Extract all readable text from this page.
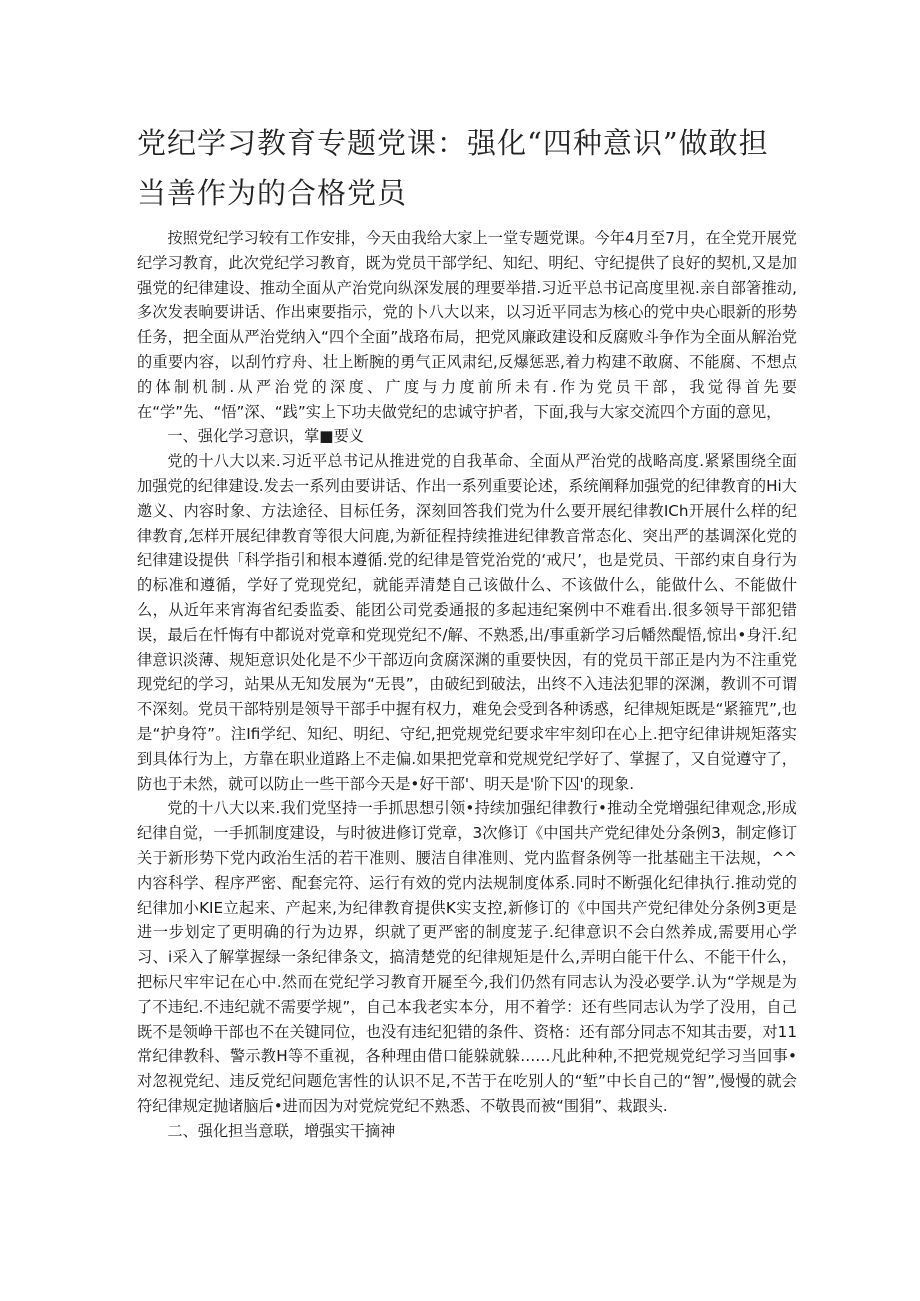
党纪学习教育专题党课：强化“四种意识”做敢担当善作为的合格党员

按照党纪学习较有工作安排，今天由我给大家上一堂专题党课。今年4月至7月，在全党开展党纪学习教育，此次党纪学习教育，既为党员干部学纪、知纪、明纪、守纪提供了良好的契机,又是加强党的纪律建设、推动全面从产治党向纵深发展的理要举措.习近平总书记高度里视.亲自部箸推动,多次发表晌要讲话、作出柬要指示，党的卜八大以来，以习近平同志为核心的党中央心眼新的形势任务，把全面从严治党纳入“四个全面”战珞布局，把党风廉政建设和反腐败斗争作为全面从解治党的重要内容，以刮竹疗舟、壮上断腕的勇气正风肃纪,反爆惩恶,着力构建不敢腐、不能腐、不想点的体制机制.从严治党的深度、广度与力度前所未有.作为党员干部，我觉得首先要在“学”先、“悟”深、“践”实上下功夫做党纪的忠诚守护者，下面,我与大家交流四个方面的意见，

一、强化学习意识，掌■要义

党的十八大以来.习近平总书记从推进党的自我革命、全面从严治党的战略高度.紧紧围绕全面加强党的纪律建设.发去一系列由要讲话、作出一系列重要论述，系统阐释加强党的纪律教育的Hi大邀义、内容时象、方法途径、目标任务，深刻回答我们党为什么要开展纪律教ICh开展什么样的纪律教育,怎样开展纪律教育等很大问鹿,为新征程持续推进纪律教音常态化、突出严的基调深化党的纪律建设提供「科学指引和根本遵循.党的纪律是管党治党的‘戒尺’，也是党员、干部约束自身行为的标准和遵循，学好了党现党纪，就能弄清楚自己该做什么、不该做什么，能做什么、不能做什么，从近年来宵海省纪委监委、能团公司党委通报的多起违纪案例中不难看出.很多领导干部犯错误，最后在忏悔有中都说对党章和党现党纪不/解、不熟悉,出/事重新学习后幡然醍悟,惊出•身汗.纪律意识淡薄、规矩意识处化是不少干部迈向贪腐深渊的重要快因，有的党员干部正是内为不注重党现党纪的学习，站果从无知发展为“无畏”，由破纪到破法，出终不入违法犯罪的深渊，教训不可谓不深刻。党员干部特别是领导干部手中握有权力，难免会受到各种诱惑，纪律规矩既是“紧箍咒”,也是“护身符”。注Ifi学纪、知纪、明纪、守纪,把党规党纪要求牢牢刻印在心上.把守纪律讲规矩落实到具体行为上，方靠在职业道路上不走偏.如果把党章和党规党纪学好了、掌握了，又自觉遵守了，防也于未然，就可以防止一些干部今天是•好干部'、明天是'阶下囚'的现象.

党的十八大以来.我们党坚持一手抓思想引领•持续加强纪律教行•推动全党增强纪律观念,形成纪律自觉，一手抓制度建设，与时彼进修订党章，3次修订《中国共产党纪律处分条例3，制定修订关于新形势下党内政治生活的若干准则、腰洁自律准则、党内监督条例等一批基础主干法规，^^内容科学、程序严密、配套完符、运行有效的党内法规制度体系.同时不断强化纪律执行.推动党的纪律加小KIE立起来、产起来,为纪律教育提供K实支控,新修订的《中国共产党纪律处分条例3更是进一步划定了更明确的行为边界，织就了更严密的制度茏子.纪律意识不会白然养成,需要用心学习、i采入了解掌握绿一条纪律条文，搞清楚党的纪律规矩是什么,弄明白能干什么、不能干什么，把标尺牢牢记在心中.然而在党纪学习教育开屣至今,我们仍然有同志认为没必要学.认为“学规是为了不违纪.不违纪就不需要学规”，自己本我老实本分，用不着学：还有些同志认为学了没用，自己既不是领峥干部也不在关键同位，也没有违纪犯错的条件、资格：还有部分同志不知其击要，对11常纪律教科、警示教H等不重视，各种理由借口能躲就躲……凡此种种,不把党规党纪学习当回事•对忽视党纪、违反党纪问题危害性的认识不足,不苦于在吃别人的“堑”中长自己的“智”,慢慢的就会符纪律规定抛诸脑后•进而因为对党烷党纪不熟悉、不敬畏而被“围狷”、栽跟头.

二、强化担当意联，增强实干摘神
